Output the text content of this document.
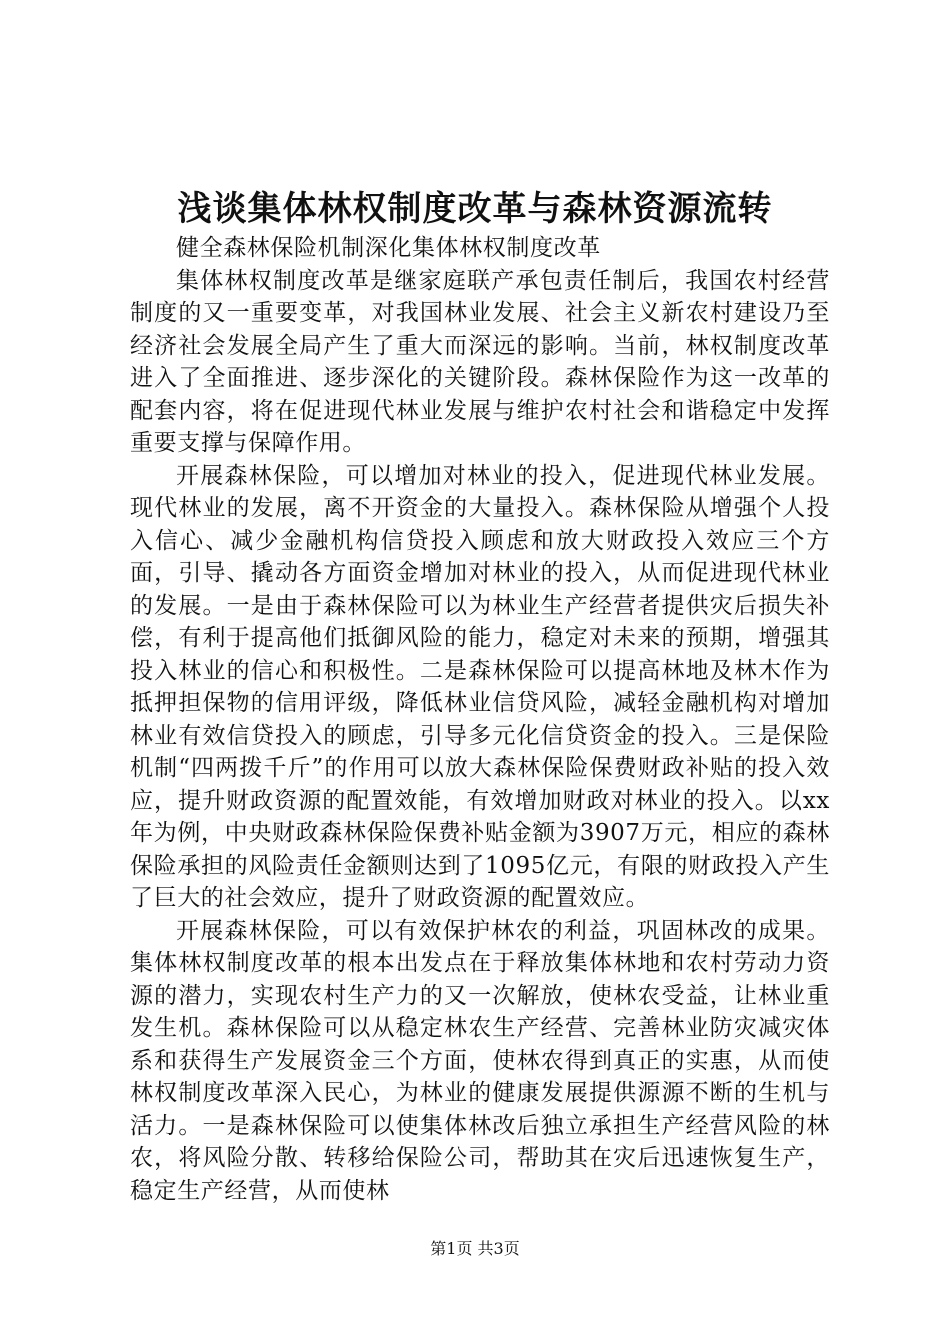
浅谈集体林权制度改革与森林资源流转

健全森林保险机制深化集体林权制度改革

集体林权制度改革是继家庭联产承包责任制后，我国农村经营制度的又一重要变革，对我国林业发展、社会主义新农村建设乃至经济社会发展全局产生了重大而深远的影响。当前，林权制度改革进入了全面推进、逐步深化的关键阶段。森林保险作为这一改革的配套内容，将在促进现代林业发展与维护农村社会和谐稳定中发挥重要支撑与保障作用。

开展森林保险，可以增加对林业的投入，促进现代林业发展。现代林业的发展，离不开资金的大量投入。森林保险从增强个人投入信心、减少金融机构信贷投入顾虑和放大财政投入效应三个方面，引导、撬动各方面资金增加对林业的投入，从而促进现代林业的发展。一是由于森林保险可以为林业生产经营者提供灾后损失补偿，有利于提高他们抵御风险的能力，稳定对未来的预期，增强其投入林业的信心和积极性。二是森林保险可以提高林地及林木作为抵押担保物的信用评级，降低林业信贷风险，减轻金融机构对增加林业有效信贷投入的顾虑，引导多元化信贷资金的投入。三是保险机制“四两拨千斤”的作用可以放大森林保险保费财政补贴的投入效应，提升财政资源的配置效能，有效增加财政对林业的投入。以xx年为例，中央财政森林保险保费补贴金额为3907万元，相应的森林保险承担的风险责任金额则达到了1095亿元，有限的财政投入产生了巨大的社会效应，提升了财政资源的配置效应。

开展森林保险，可以有效保护林农的利益，巩固林改的成果。集体林权制度改革的根本出发点在于释放集体林地和农村劳动力资源的潜力，实现农村生产力的又一次解放，使林农受益，让林业重发生机。森林保险可以从稳定林农生产经营、完善林业防灾减灾体系和获得生产发展资金三个方面，使林农得到真正的实惠，从而使林权制度改革深入民心，为林业的健康发展提供源源不断的生机与活力。一是森林保险可以使集体林改后独立承担生产经营风险的林农，将风险分散、转移给保险公司，帮助其在灾后迅速恢复生产，稳定生产经营，从而使林

第1页 共3页
